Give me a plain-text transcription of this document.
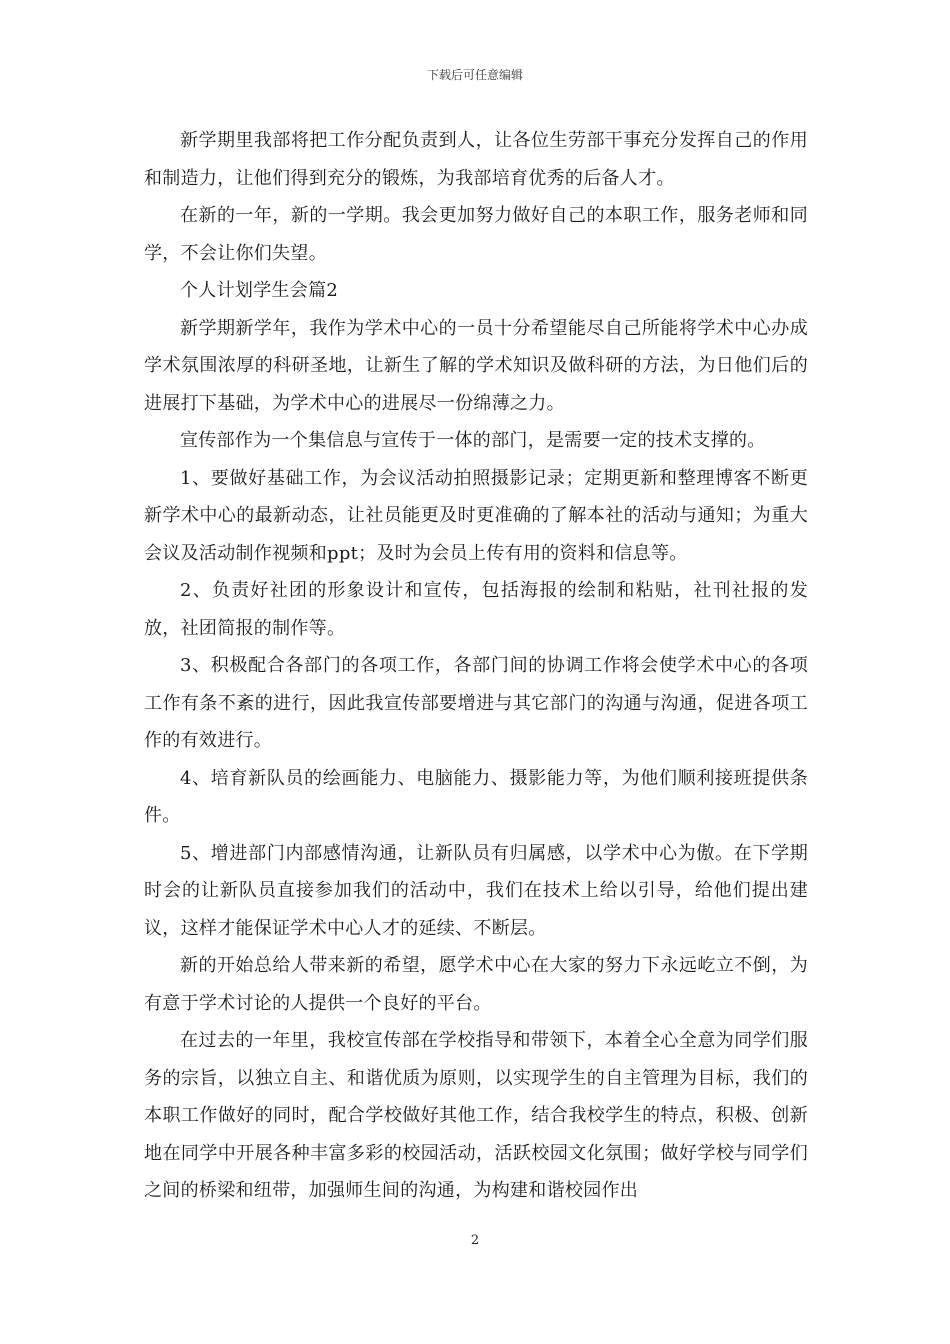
下载后可任意编辑

新学期里我部将把工作分配负责到人，让各位生劳部干事充分发挥自己的作用和制造力，让他们得到充分的锻炼，为我部培育优秀的后备人才。

在新的一年，新的一学期。我会更加努力做好自己的本职工作，服务老师和同学，不会让你们失望。

个人计划学生会篇2

新学期新学年，我作为学术中心的一员十分希望能尽自己所能将学术中心办成学术氛围浓厚的科研圣地，让新生了解的学术知识及做科研的方法，为日他们后的进展打下基础，为学术中心的进展尽一份绵薄之力。

宣传部作为一个集信息与宣传于一体的部门，是需要一定的技术支撑的。

1、要做好基础工作，为会议活动拍照摄影记录；定期更新和整理博客不断更新学术中心的最新动态，让社员能更及时更准确的了解本社的活动与通知；为重大会议及活动制作视频和ppt；及时为会员上传有用的资料和信息等。

2、负责好社团的形象设计和宣传，包括海报的绘制和粘贴，社刊社报的发放，社团简报的制作等。

3、积极配合各部门的各项工作，各部门间的协调工作将会使学术中心的各项工作有条不紊的进行，因此我宣传部要增进与其它部门的沟通与沟通，促进各项工作的有效进行。

4、培育新队员的绘画能力、电脑能力、摄影能力等，为他们顺利接班提供条件。

5、增进部门内部感情沟通，让新队员有归属感，以学术中心为傲。在下学期时会的让新队员直接参加我们的活动中，我们在技术上给以引导，给他们提出建议，这样才能保证学术中心人才的延续、不断层。

新的开始总给人带来新的希望，愿学术中心在大家的努力下永远屹立不倒，为有意于学术讨论的人提供一个良好的平台。

在过去的一年里，我校宣传部在学校指导和带领下，本着全心全意为同学们服务的宗旨，以独立自主、和谐优质为原则，以实现学生的自主管理为目标，我们的本职工作做好的同时，配合学校做好其他工作，结合我校学生的特点，积极、创新地在同学中开展各种丰富多彩的校园活动，活跃校园文化氛围；做好学校与同学们之间的桥梁和纽带，加强师生间的沟通，为构建和谐校园作出

2
